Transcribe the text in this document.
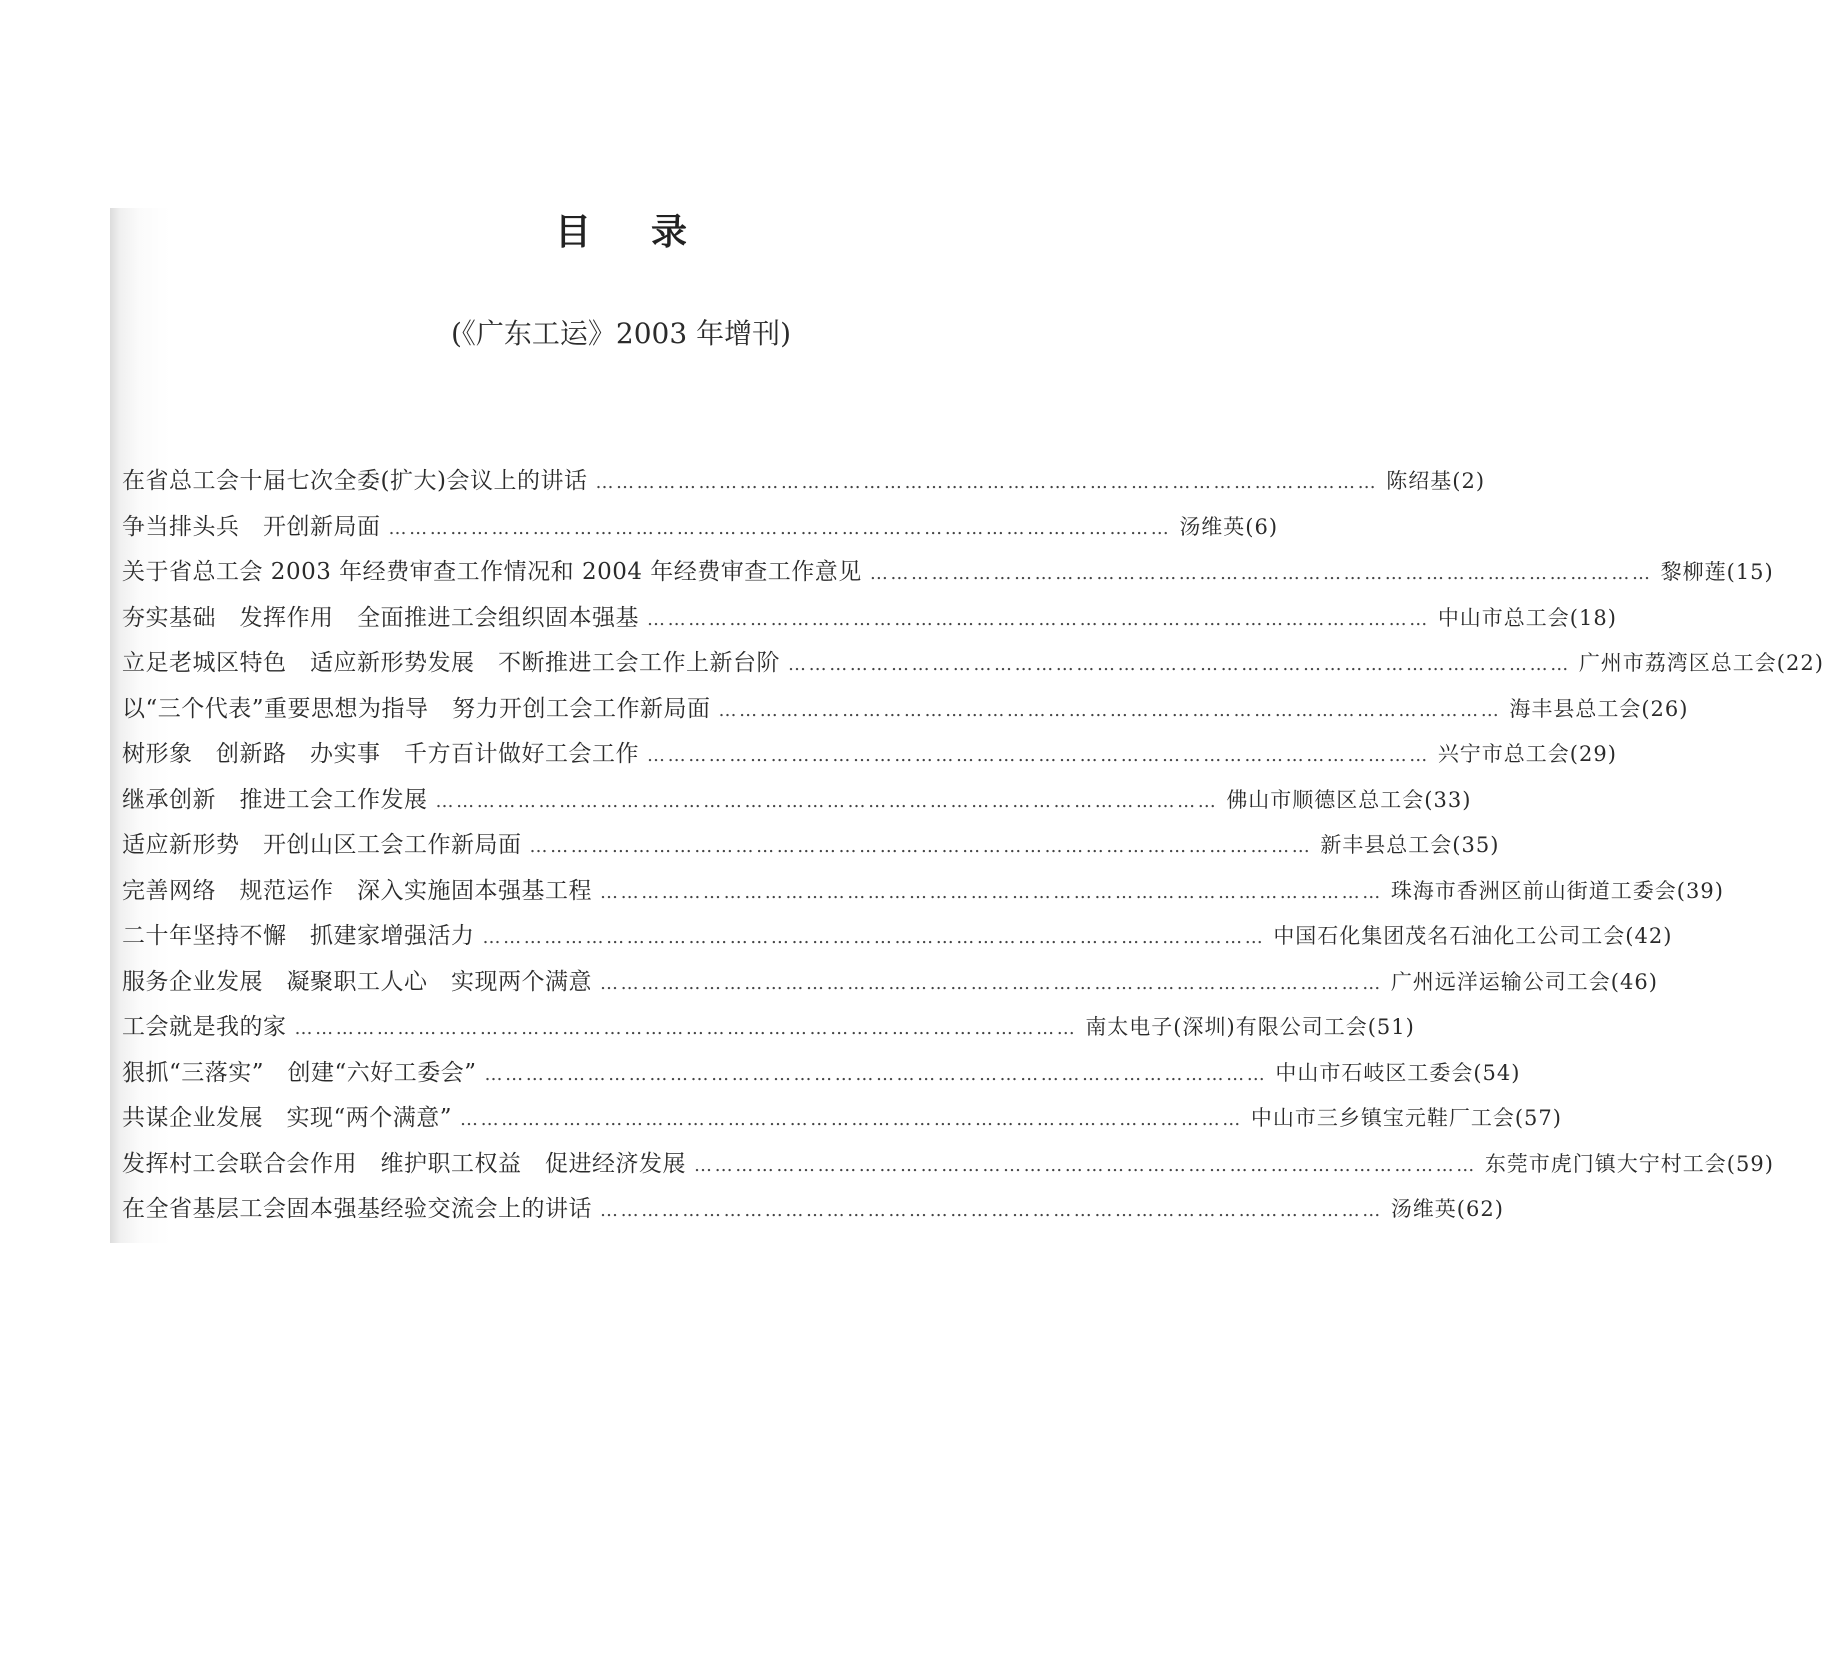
目录
(《广东工运》2003 年增刊)
在省总工会十届七次全委(扩大)会议上的讲话 …………………………………………………………………………………………………… 陈绍基(2)
争当排头兵　开创新局面 …………………………………………………………………………………………………… 汤维英(6)
关于省总工会 2003 年经费审查工作情况和 2004 年经费审查工作意见 …………………………………………………………………………………………………… 黎柳莲(15)
夯实基础　发挥作用　全面推进工会组织固本强基 …………………………………………………………………………………………………… 中山市总工会(18)
立足老城区特色　适应新形势发展　不断推进工会工作上新台阶 …………………………………………………………………………………………………… 广州市荔湾区总工会(22)
以“三个代表”重要思想为指导　努力开创工会工作新局面 …………………………………………………………………………………………………… 海丰县总工会(26)
树形象　创新路　办实事　千方百计做好工会工作 …………………………………………………………………………………………………… 兴宁市总工会(29)
继承创新　推进工会工作发展 …………………………………………………………………………………………………… 佛山市顺德区总工会(33)
适应新形势　开创山区工会工作新局面 …………………………………………………………………………………………………… 新丰县总工会(35)
完善网络　规范运作　深入实施固本强基工程 …………………………………………………………………………………………………… 珠海市香洲区前山街道工委会(39)
二十年坚持不懈　抓建家增强活力 …………………………………………………………………………………………………… 中国石化集团茂名石油化工公司工会(42)
服务企业发展　凝聚职工人心　实现两个满意 …………………………………………………………………………………………………… 广州远洋运输公司工会(46)
工会就是我的家 …………………………………………………………………………………………………… 南太电子(深圳)有限公司工会(51)
狠抓“三落实”　创建“六好工委会” …………………………………………………………………………………………………… 中山市石岐区工委会(54)
共谋企业发展　实现“两个满意” …………………………………………………………………………………………………… 中山市三乡镇宝元鞋厂工会(57)
发挥村工会联合会作用　维护职工权益　促进经济发展 …………………………………………………………………………………………………… 东莞市虎门镇大宁村工会(59)
在全省基层工会固本强基经验交流会上的讲话 …………………………………………………………………………………………………… 汤维英(62)
